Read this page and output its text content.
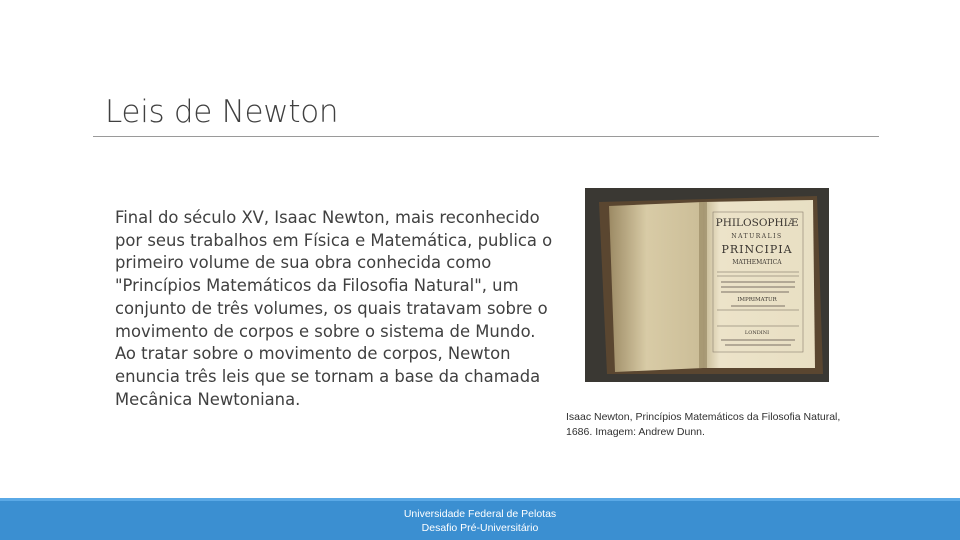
Leis de Newton
Final do século XV, Isaac Newton, mais reconhecido por seus trabalhos em Física e Matemática, publica o primeiro volume de sua obra conhecida como "Princípios Matemáticos da Filosofia Natural", um conjunto de três volumes, os quais tratavam sobre o movimento de corpos e sobre o sistema de Mundo. Ao tratar sobre o movimento de corpos, Newton enuncia três leis que se tornam a base da chamada Mecânica Newtoniana.
PHILOSOPHIÆ
NATURALIS
PRINCIPIA
MATHEMATICA
IMPRIMATUR
LONDINI
Isaac Newton, Princípios Matemáticos da Filosofia Natural,
1686. Imagem: Andrew Dunn.
Universidade Federal de Pelotas
Desafio Pré-Universitário
